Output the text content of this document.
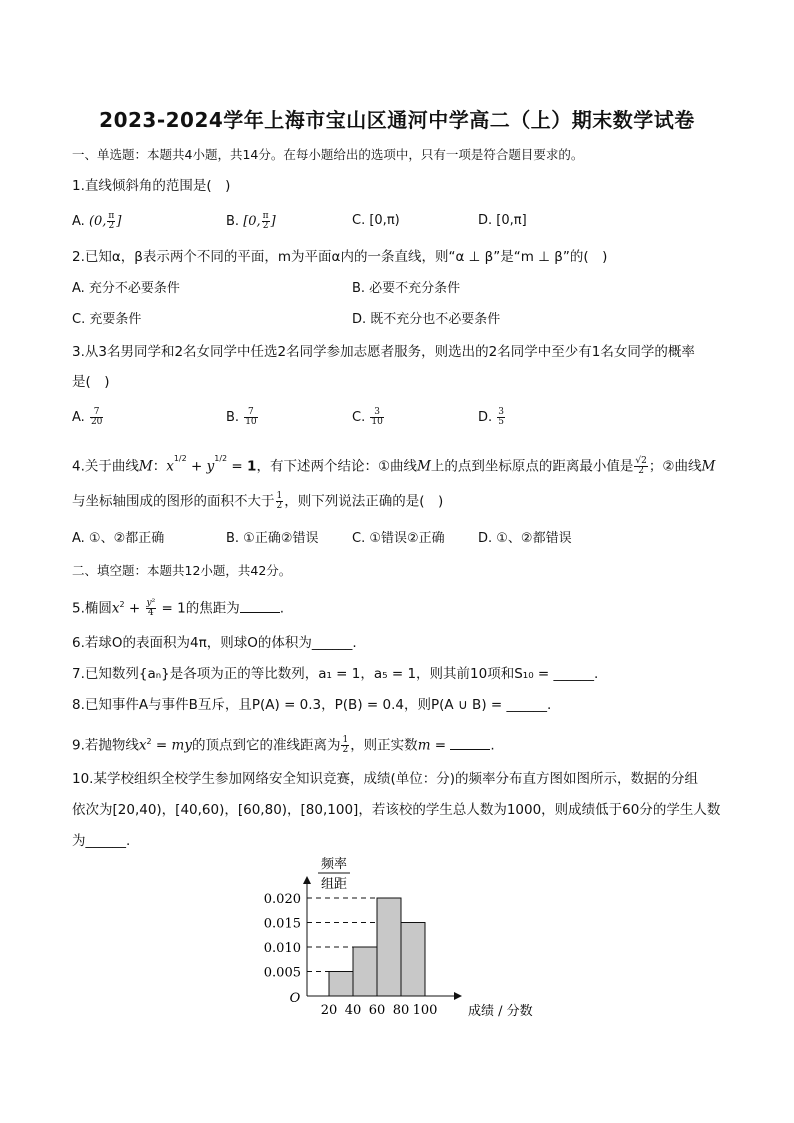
2023-2024学年上海市宝山区通河中学高二（上）期末数学试卷
一、单选题：本题共4小题，共14分。在每小题给出的选项中，只有一项是符合题目要求的。
1.直线倾斜角的范围是(　)
A. (0, $\frac{\pi}{2}$ ]	B. [0, $\frac{\pi}{2}$ ]	C. [0,π)	D. [0,π]
2.已知α，β表示两个不同的平面，m为平面α内的一条直线，则“α ⊥ β”是“m ⊥ β”的(　)
A. 充分不必要条件	B. 必要不充分条件
C. 充要条件	D. 既不充分也不必要条件
3.从3名男同学和2名女同学中任选2名同学参加志愿者服务，则选出的2名同学中至少有1名女同学的概率
是(　)
A. $\frac{7}{20}$	B. $\frac{7}{10}$	C. $\frac{3}{10}$	D. $\frac{3}{5}$
4.关于曲线M：$x^{1/2} + y^{1/2} = 1$，有下述两个结论：①曲线M上的点到坐标原点的距离最小值是 $\frac{√2}{2}$ ；②曲线M
与坐标轴围成的图形的面积不大于 $\frac{1}{2}$ ，则下列说法正确的是(　)
A. ①、②都正确	B. ①正确②错误	C. ①错误②正确	D. ①、②都错误
二、填空题：本题共12小题，共42分。
5.椭圆$x^2 + \frac{\text{y²}}{4} = 1$的焦距为	.
6.若球O的表面积为4π，则球O的体积为______.
7.已知数列{aₙ}是各项为正的等比数列，a₁ = 1，a₅ = 1，则其前10项和S₁₀ = ______.
8.已知事件A与事件B互斥，且P(A) = 0.3，P(B) = 0.4，则P(A ∪ B) = ______.
9.若抛物线$x^2$ = my的顶点到它的准线距离为 $\frac{1}{2}$ ，则正实数m =	.
10.某学校组织全校学生参加网络安全知识竞赛，成绩(单位：分)的频率分布直方图如图所示，数据的分组
依次为[20,40)，[40,60)，[60,80)，[80,100]，若该校的学生总人数为1000，则成绩低于60分的学生人数
为______.
0.005
0.010
0.015
0.020
20 40 60 80 100
O
频率
组距
成绩 / 分数
